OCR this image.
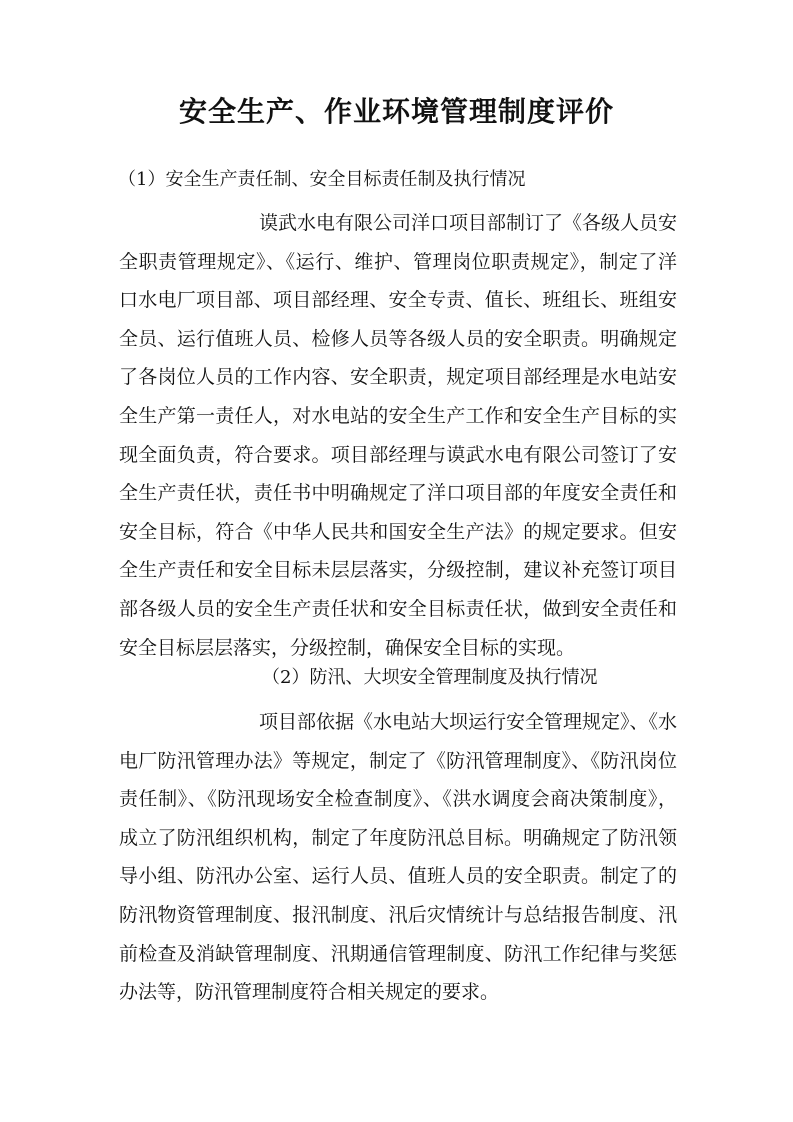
安全生产、作业环境管理制度评价
（1）安全生产责任制、安全目标责任制及执行情况

谟武水电有限公司洋口项目部制订了《各级人员安全职责管理规定》、《运行、维护、管理岗位职责规定》，制定了洋口水电厂项目部、项目部经理、安全专责、值长、班组长、班组安全员、运行值班人员、检修人员等各级人员的安全职责。明确规定了各岗位人员的工作内容、安全职责，规定项目部经理是水电站安全生产第一责任人，对水电站的安全生产工作和安全生产目标的实现全面负责，符合要求。项目部经理与谟武水电有限公司签订了安全生产责任状，责任书中明确规定了洋口项目部的年度安全责任和安全目标，符合《中华人民共和国安全生产法》的规定要求。但安全生产责任和安全目标未层层落实，分级控制，建议补充签订项目部各级人员的安全生产责任状和安全目标责任状，做到安全责任和安全目标层层落实，分级控制，确保安全目标的实现。

（2）防汛、大坝安全管理制度及执行情况

项目部依据《水电站大坝运行安全管理规定》、《水电厂防汛管理办法》等规定，制定了《防汛管理制度》、《防汛岗位责任制》、《防汛现场安全检查制度》、《洪水调度会商决策制度》，成立了防汛组织机构，制定了年度防汛总目标。明确规定了防汛领导小组、防汛办公室、运行人员、值班人员的安全职责。制定了的防汛物资管理制度、报汛制度、汛后灾情统计与总结报告制度、汛前检查及消缺管理制度、汛期通信管理制度、防汛工作纪律与奖惩办法等，防汛管理制度符合相关规定的要求。
